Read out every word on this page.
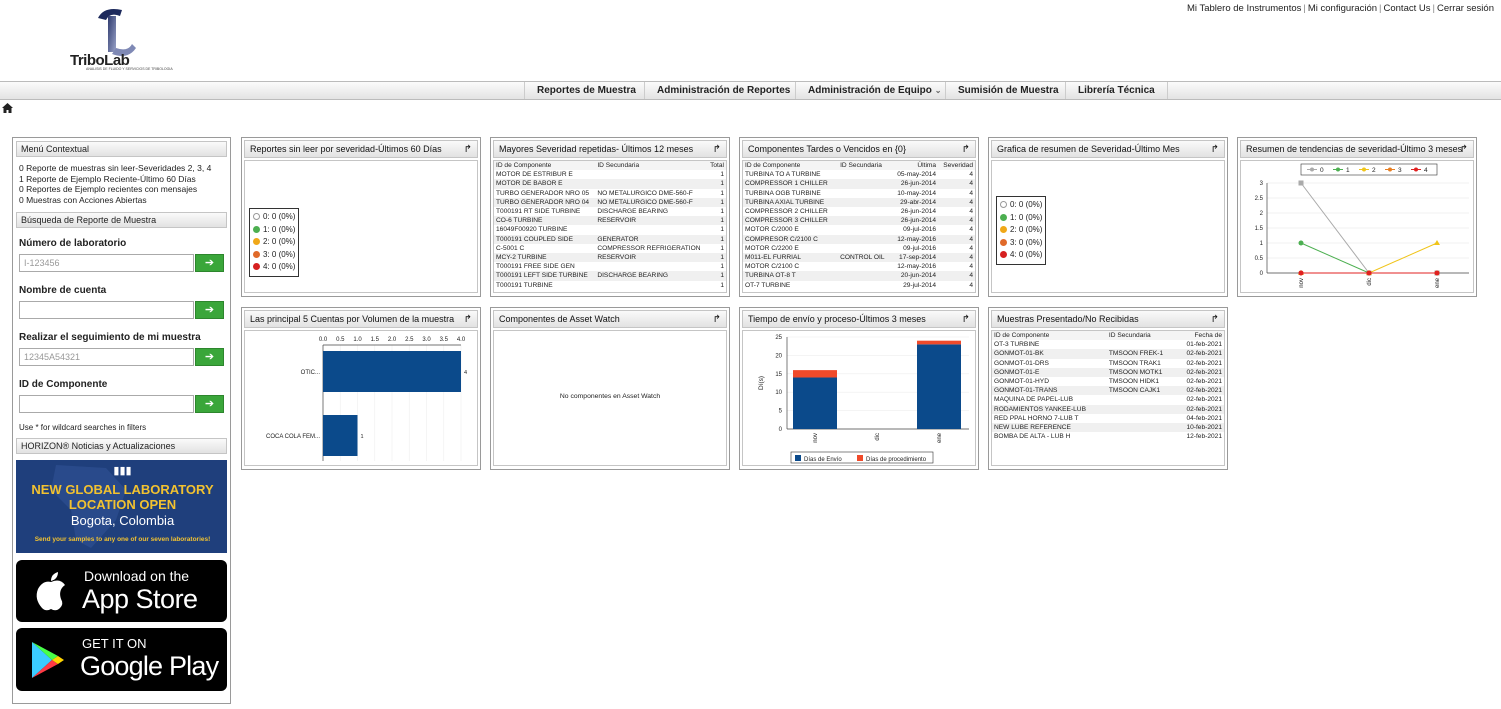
Mi Tablero de Instrumentos | Mi configuración | Contact Us | Cerrar sesión
TriboLab
ANALISIS DE FLUIDO Y SERVICIOS DE TRIBOLOGIA
Reportes de Muestra	Administración de Reportes	Administración de Equipo ⌄	Sumisión de Muestra	Librería Técnica
Menú Contextual
0 Reporte de muestras sin leer-Severidades 2, 3, 4
1 Reporte de Ejemplo Reciente-Último 60 Días
0 Reportes de Ejemplo recientes con mensajes
0 Muestras con Acciones Abiertas
Búsqueda de Reporte de Muestra
Número de laboratorio
I-123456	➔
Nombre de cuenta
➔
Realizar el seguimiento de mi muestra
12345A54321	➔
ID de Componente
➔
Use * for wildcard searches in filters
HORIZON® Noticias y Actualizaciones
▮▮▮
NEW GLOBAL LABORATORY
LOCATION OPEN
Bogota, Colombia
Send your samples to any one of our seven laboratories!
Download on the
App Store
GET IT ON
Google Play
Reportes sin leer por severidad-Últimos 60 Días ↱
0: 0 (0%)
1: 0 (0%)
2: 0 (0%)
3: 0 (0%)
4: 0 (0%)
Mayores Severidad repetidas- Últimos 12 meses ↱
ID de Componente	ID Secundaria	Total
MOTOR DE ESTRIBUR E		1
MOTOR DE BABOR E		1
TURBO GENERADOR NRO 05	NO METALURGICO DME-560-F	1
TURBO GENERADOR NRO 04	NO METALURGICO DME-560-F	1
T000191 RT SIDE TURBINE	DISCHARGE BEARING	1
CO-6 TURBINE	RESERVOIR	1
16049F00920 TURBINE		1
T000191 COUPLED SIDE	GENERATOR	1
C-5001 C	COMPRESSOR REFRIGERATION	1
MCY-2 TURBINE	RESERVOIR	1
T000191 FREE SIDE GEN		1
T000191 LEFT SIDE TURBINE	DISCHARGE BEARING	1
T000191 TURBINE		1
Componentes Tardes o Vencidos en {0}	↱
ID de Componente	ID Secundaria	Última	Severidad
TURBINA TO A TURBINE		05-may-2014	4
COMPRESSOR 1 CHILLER		26-jun-2014	4
TURBINA OGB TURBINE		10-may-2014	4
TURBINA AXIAL TURBINE		29-abr-2014	4
COMPRESSOR 2 CHILLER		26-jun-2014	4
COMPRESSOR 3 CHILLER		26-jun-2014	4
MOTOR C/2000 E		09-jul-2016	4
COMPRESOR C/2100 C		12-may-2016	4
MOTOR C/2200 E		09-jul-2016	4
M011-EL FURRIAL	CONTROL OIL	17-sep-2014	4
MOTOR C/2100 C		12-may-2016	4
TURBINA OT-8 T		20-jun-2014	4
OT-7 TURBINE		29-jul-2014	4
Grafica de resumen de Severidad-Último Mes	↱
0: 0 (0%)
1: 0 (0%)
2: 0 (0%)
3: 0 (0%)
4: 0 (0%)
Resumen de tendencias de severidad-Último 3 meses
↱
0	1	2	3	4
0
0.5
1
1.5
2
2.5
3
nov	dic	ene
Las principal 5 Cuentas por Volumen de la muestra ↱
0.0 0.5 1.0 1.5 2.0 2.5 3.0 3.5 4.0
4
OTIC...
1
COCA COLA FEM...
Componentes de Asset Watch	↱
No componentes en Asset Watch
Tiempo de envío y proceso-Últimos 3 meses	↱
0
5
10
15
20
25
Dí(s)
nov	dic	ene
Días de Envío	Días de procedimiento
Muestras Presentado/No Recibidas	↱
ID de Componente	ID Secundaria	Fecha de
OT-3 TURBINE		01-feb-2021
GONMOT-01-BK	TMSOON FREK-1	02-feb-2021
GONMOT-01-DRS	TMSOON TRAK1	02-feb-2021
GONMOT-01-E	TMSOON MOTK1	02-feb-2021
GONMOT-01-HYD	TMSOON HIDK1	02-feb-2021
GONMOT-01-TRANS	TMSOON CAJK1	02-feb-2021
MAQUINA DE PAPEL-LUB		02-feb-2021
RODAMIENTOS YANKEE-LUB		02-feb-2021
RED PPAL HORNO 7-LUB T		04-feb-2021
NEW LUBE REFERENCE		10-feb-2021
BOMBA DE ALTA - LUB H		12-feb-2021
